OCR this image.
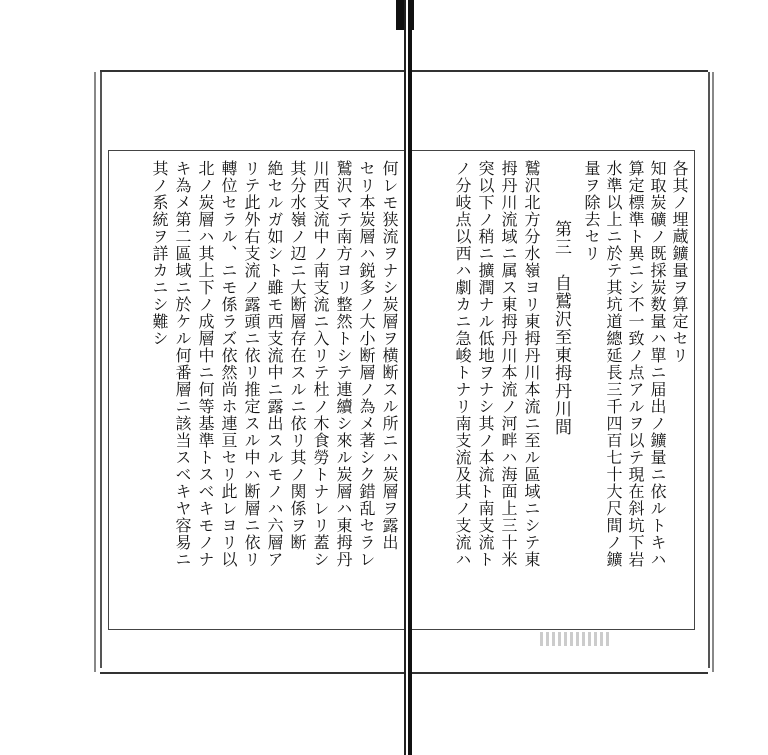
各其ノ埋蔵鑛量ヲ算定セリ
知取炭礦ノ既採炭数量ハ單ニ届出ノ鑛量ニ依ルトキハ
算定標準ト異ニシ不一致ノ点アルヲ以テ現在斜坑下岩
水準以上ニ於テ其坑道總延長三千四百七十大尺間ノ鑛
量ヲ除去セリ
第三　自鷲沢至東拇丹川間
鷲沢北方分水嶺ヨリ東拇丹川本流ニ至ル區域ニシテ東
拇丹川流域ニ属ス東拇丹川本流ノ河畔ハ海面上三十米
突以下ノ稍ニ擴潤ナル低地ヲナシ其ノ本流ト南支流ト
ノ分岐点以西ハ劇カニ急峻トナリ南支流及其ノ支流ハ
何レモ狭流ヲナシ炭層ヲ横断スル所ニハ炭層ヲ露出
セリ本炭層ハ鋭多ノ大小断層ノ為メ著シク錯乱セラレ
鷲沢マテ南方ヨリ整然トシテ連續シ來ル炭層ハ東拇丹
川西支流中ノ南支流ニ入リテ杜ノ木食勞トナレリ蓋シ
其分水嶺ノ辺ニ大断層存在スルニ依リ其ノ関係ヲ断
絶セルガ如シト雖モ西支流中ニ露出スルモノハ六層ア
リテ此外右支流ノ露頭ニ依リ推定スル中ハ断層ニ依リ
轉位セラル、ニモ係ラズ依然尚ホ連亘セリ此レヨリ以
北ノ炭層ハ其上下ノ成層中ニ何等基準トスベキモノナ
キ為メ第二區域ニ於ケル何番層ニ該当スベキヤ容易ニ
其ノ系統ヲ詳カニシ難シ
